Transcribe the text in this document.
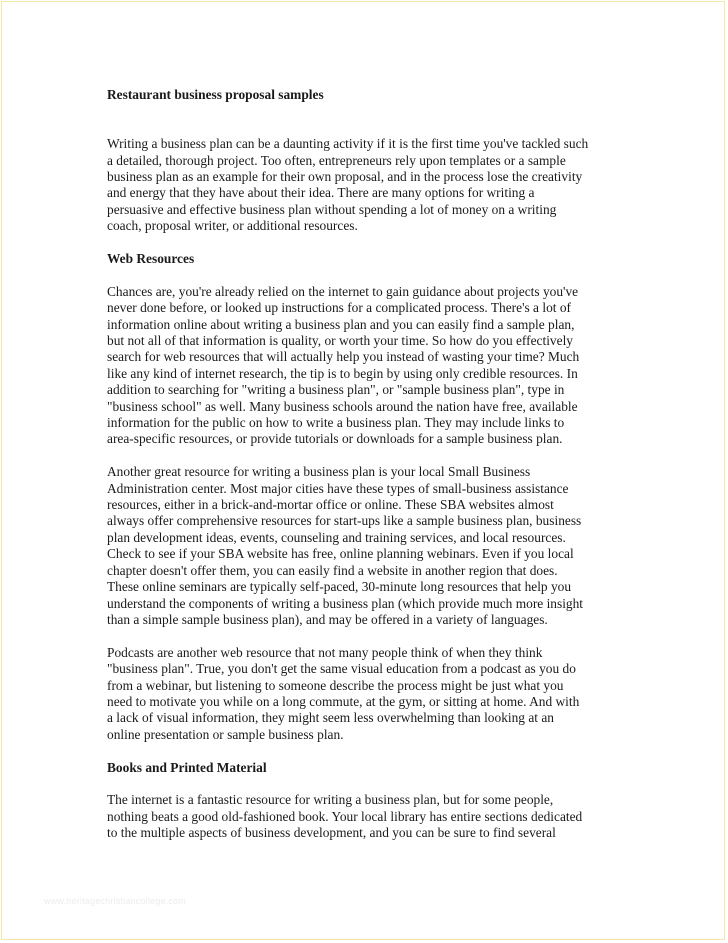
Restaurant business proposal samples

Writing a business plan can be a daunting activity if it is the first time you've tackled such
a detailed, thorough project. Too often, entrepreneurs rely upon templates or a sample
business plan as an example for their own proposal, and in the process lose the creativity
and energy that they have about their idea. There are many options for writing a
persuasive and effective business plan without spending a lot of money on a writing
coach, proposal writer, or additional resources.

Web Resources

Chances are, you're already relied on the internet to gain guidance about projects you've
never done before, or looked up instructions for a complicated process. There's a lot of
information online about writing a business plan and you can easily find a sample plan,
but not all of that information is quality, or worth your time. So how do you effectively
search for web resources that will actually help you instead of wasting your time? Much
like any kind of internet research, the tip is to begin by using only credible resources. In
addition to searching for "writing a business plan", or "sample business plan", type in
"business school" as well. Many business schools around the nation have free, available
information for the public on how to write a business plan. They may include links to
area-specific resources, or provide tutorials or downloads for a sample business plan.

Another great resource for writing a business plan is your local Small Business
Administration center. Most major cities have these types of small-business assistance
resources, either in a brick-and-mortar office or online. These SBA websites almost
always offer comprehensive resources for start-ups like a sample business plan, business
plan development ideas, events, counseling and training services, and local resources.
Check to see if your SBA website has free, online planning webinars. Even if you local
chapter doesn't offer them, you can easily find a website in another region that does.
These online seminars are typically self-paced, 30-minute long resources that help you
understand the components of writing a business plan (which provide much more insight
than a simple sample business plan), and may be offered in a variety of languages.

Podcasts are another web resource that not many people think of when they think
"business plan". True, you don't get the same visual education from a podcast as you do
from a webinar, but listening to someone describe the process might be just what you
need to motivate you while on a long commute, at the gym, or sitting at home. And with
a lack of visual information, they might seem less overwhelming than looking at an
online presentation or sample business plan.

Books and Printed Material

The internet is a fantastic resource for writing a business plan, but for some people,
nothing beats a good old-fashioned book. Your local library has entire sections dedicated
to the multiple aspects of business development, and you can be sure to find several

www.heritagechristiancollege.com
